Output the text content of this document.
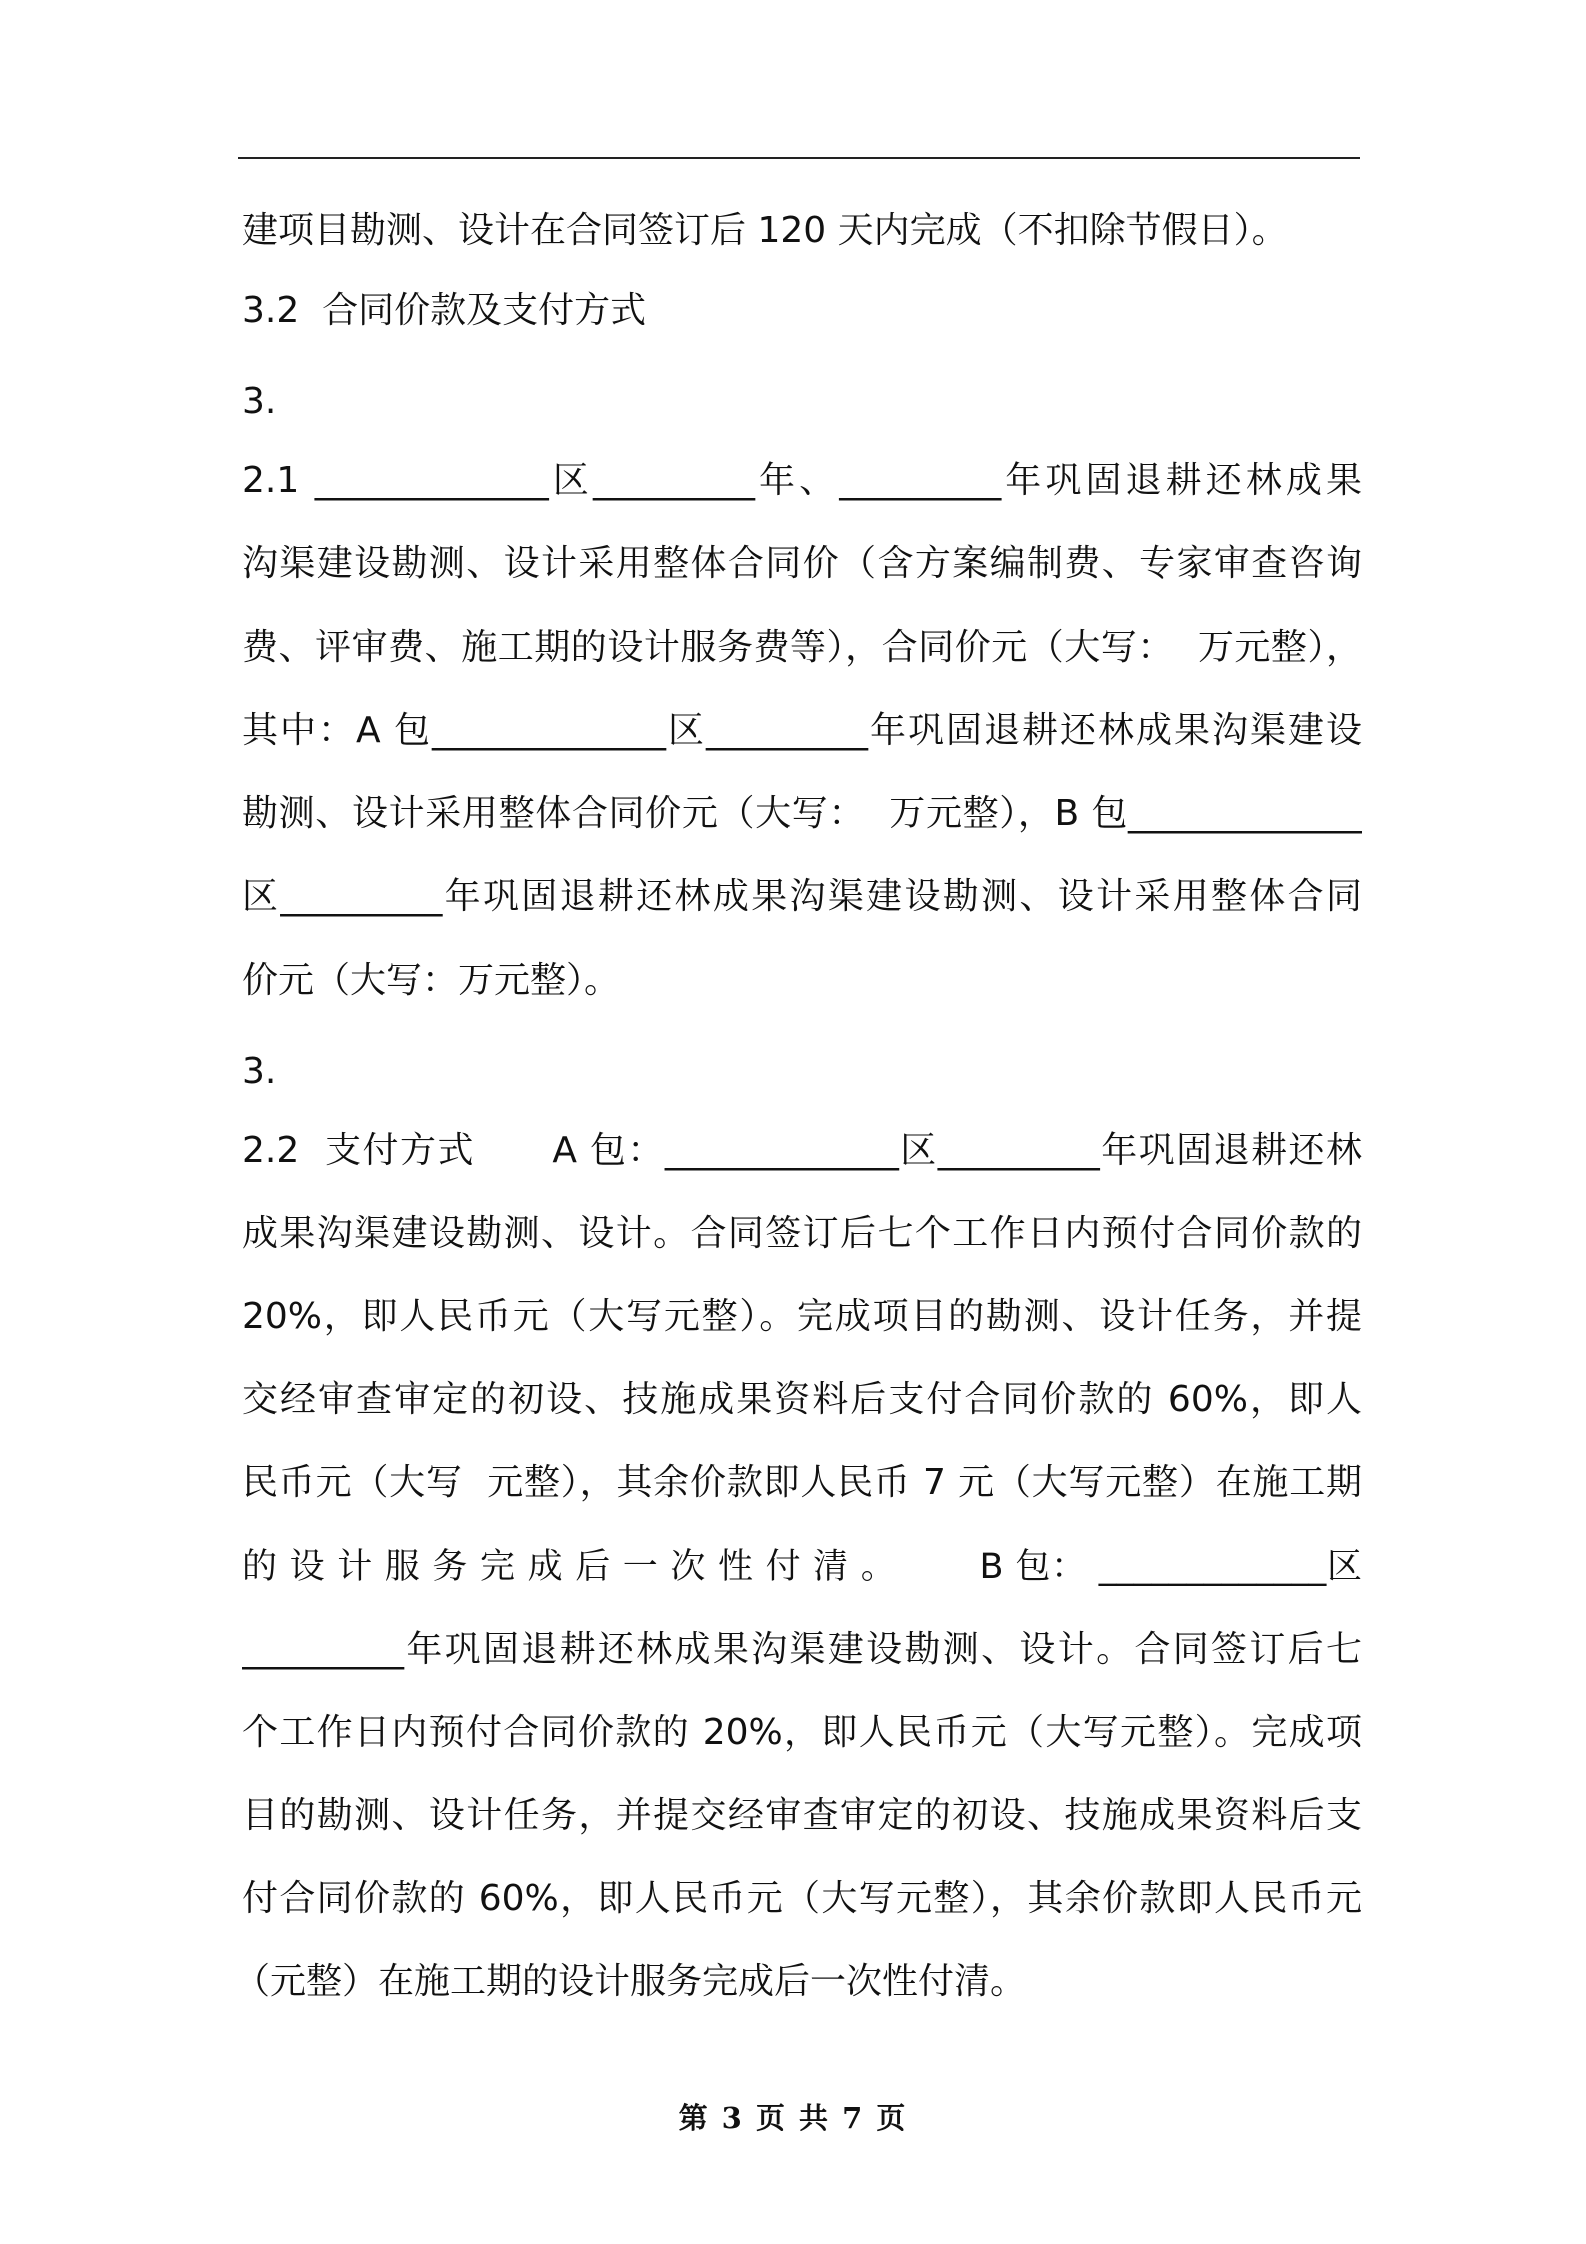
建项目勘测、设计在合同签订后 120 天内完成（不扣除节假日）。
3.2  合同价款及支付方式
3.
2.1 _____________区_________年、_________年巩固退耕还林成果
沟渠建设勘测、设计采用整体合同价（含方案编制费、专家审查咨询
费、评审费、施工期的设计服务费等），合同价元（大写：  万元整），
其中：A 包_____________区_________年巩固退耕还林成果沟渠建设
勘测、设计采用整体合同价元（大写：  万元整），B 包_____________
区_________年巩固退耕还林成果沟渠建设勘测、设计采用整体合同
价元（大写：万元整）。
3.
2.2  支付方式      A 包：_____________区_________年巩固退耕还林
成果沟渠建设勘测、设计。合同签订后七个工作日内预付合同价款的
20%，即人民币元（大写元整）。完成项目的勘测、设计任务，并提
交经审查审定的初设、技施成果资料后支付合同价款的 60%，即人
民币元（大写  元整），其余价款即人民币 7 元（大写元整）在施工期
的 设 计 服 务 完 成 后 一 次 性 付 清 。       B 包： _____________区
_________年巩固退耕还林成果沟渠建设勘测、设计。合同签订后七
个工作日内预付合同价款的 20%，即人民币元（大写元整）。完成项
目的勘测、设计任务，并提交经审查审定的初设、技施成果资料后支
付合同价款的 60%，即人民币元（大写元整），其余价款即人民币元
（元整）在施工期的设计服务完成后一次性付清。
第 3 页 共 7 页
